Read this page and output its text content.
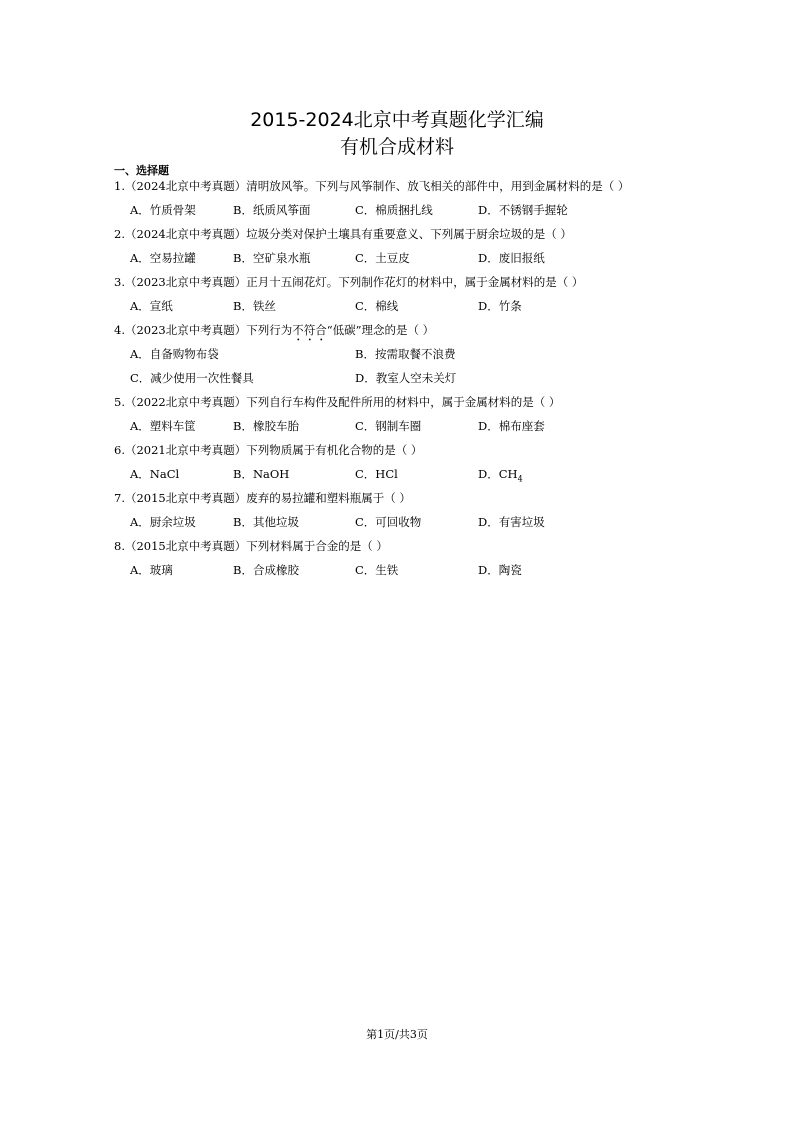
2015-2024北京中考真题化学汇编
有机合成材料
一、选择题
1.（2024北京中考真题）清明放风筝。下列与风筝制作、放飞相关的部件中，用到金属材料的是（ ）
A．竹质骨架	B．纸质风筝面	C．棉质捆扎线	D．不锈钢手握轮
2.（2024北京中考真题）垃圾分类对保护土壤具有重要意义、下列属于厨余垃圾的是（ ）
A．空易拉罐	B．空矿泉水瓶	C．土豆皮	D．废旧报纸
3.（2023北京中考真题）正月十五闹花灯。下列制作花灯的材料中，属于金属材料的是（ ）
A．宣纸	B．铁丝	C．棉线	D．竹条
4.（2023北京中考真题）下列行为不符合“低碳”理念的是（ ）
A．自备购物布袋	B．按需取餐不浪费
C．减少使用一次性餐具	D．教室人空未关灯
5.（2022北京中考真题）下列自行车构件及配件所用的材料中，属于金属材料的是（ ）
A．塑料车筐	B．橡胶车胎	C．钢制车圈	D．棉布座套
6.（2021北京中考真题）下列物质属于有机化合物的是（ ）
A．NaCl	B．NaOH	C．HCl	D．$CH_4$
7.（2015北京中考真题）废弃的易拉罐和塑料瓶属于（ ）
A．厨余垃圾	B．其他垃圾	C．可回收物	D．有害垃圾
8.（2015北京中考真题）下列材料属于合金的是（ ）
A．玻璃	B．合成橡胶	C．生铁	D．陶瓷
第1页/共3页
